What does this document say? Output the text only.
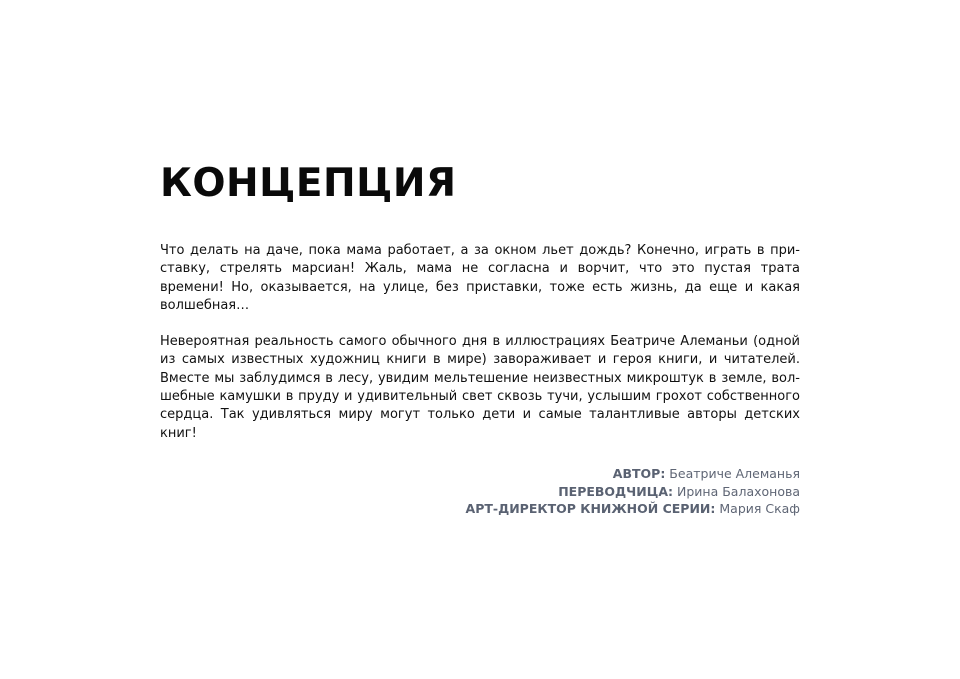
КОНЦЕПЦИЯ

Что делать на даче, пока мама работает, а за окном льет дождь? Конечно, играть в приставку, стрелять марсиан! Жаль, мама не согласна и ворчит, что это пустая трата времени! Но, оказывается, на улице, без приставки, тоже есть жизнь, да еще и какая волшебная…

Невероятная реальность самого обычного дня в иллюстрациях Беатриче Алеманьи (одной из самых известных художниц книги в мире) завораживает и героя книги, и читателей. Вместе мы заблудимся в лесу, увидим мельтешение неизвестных микроштук в земле, волшебные камушки в пруду и удивительный свет сквозь тучи, услышим грохот собственного сердца. Так удивляться миру могут только дети и самые талантливые авторы детских книг!

АВТОР: Беатриче Алеманья
ПЕРЕВОДЧИЦА: Ирина Балахонова
АРТ-ДИРЕКТОР КНИЖНОЙ СЕРИИ: Мария Скаф
